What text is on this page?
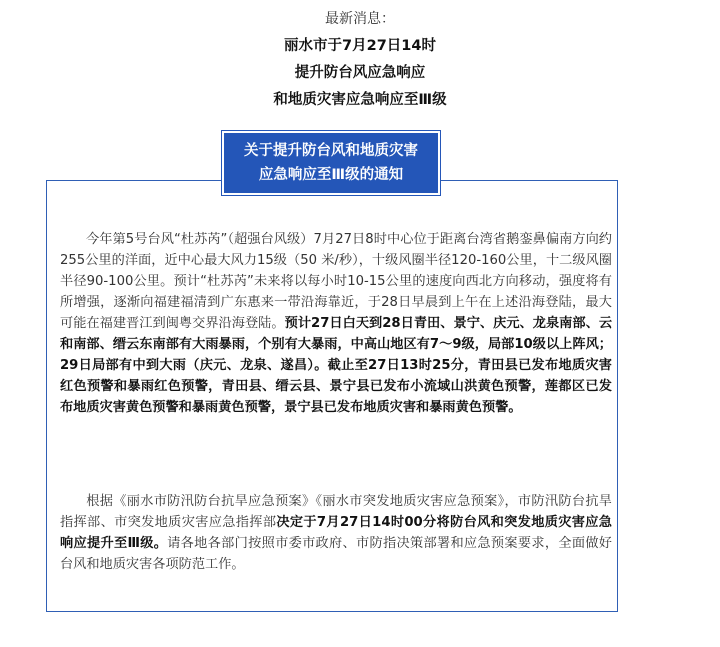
最新消息：
丽水市于7月27日14时
提升防台风应急响应
和地质灾害应急响应至Ⅲ级
关于提升防台风和地质灾害
应急响应至Ⅲ级的通知
今年第5号台风“杜苏芮”（超强台风级）7月27日8时中心位于距离台湾省鹅銮鼻偏南方向约255公里的洋面，近中心最大风力15级（50 米/秒），十级风圈半径120-160公里，十二级风圈半径90-100公里。预计“杜苏芮”未来将以每小时10-15公里的速度向西北方向移动，强度将有所增强，逐渐向福建福清到广东惠来一带沿海靠近，于28日早晨到上午在上述沿海登陆，最大可能在福建晋江到闽粤交界沿海登陆。预计27日白天到28日青田、景宁、庆元、龙泉南部、云和南部、缙云东南部有大雨暴雨，个别有大暴雨，中高山地区有7～9级，局部10级以上阵风；29日局部有中到大雨（庆元、龙泉、遂昌）。截止至27日13时25分，青田县已发布地质灾害红色预警和暴雨红色预警，青田县、缙云县、景宁县已发布小流域山洪黄色预警，莲都区已发布地质灾害黄色预警和暴雨黄色预警，景宁县已发布地质灾害和暴雨黄色预警。
根据《丽水市防汛防台抗旱应急预案》《丽水市突发地质灾害应急预案》，市防汛防台抗旱指挥部、市突发地质灾害应急指挥部决定于7月27日14时00分将防台风和突发地质灾害应急响应提升至Ⅲ级。请各地各部门按照市委市政府、市防指决策部署和应急预案要求，全面做好台风和地质灾害各项防范工作。
